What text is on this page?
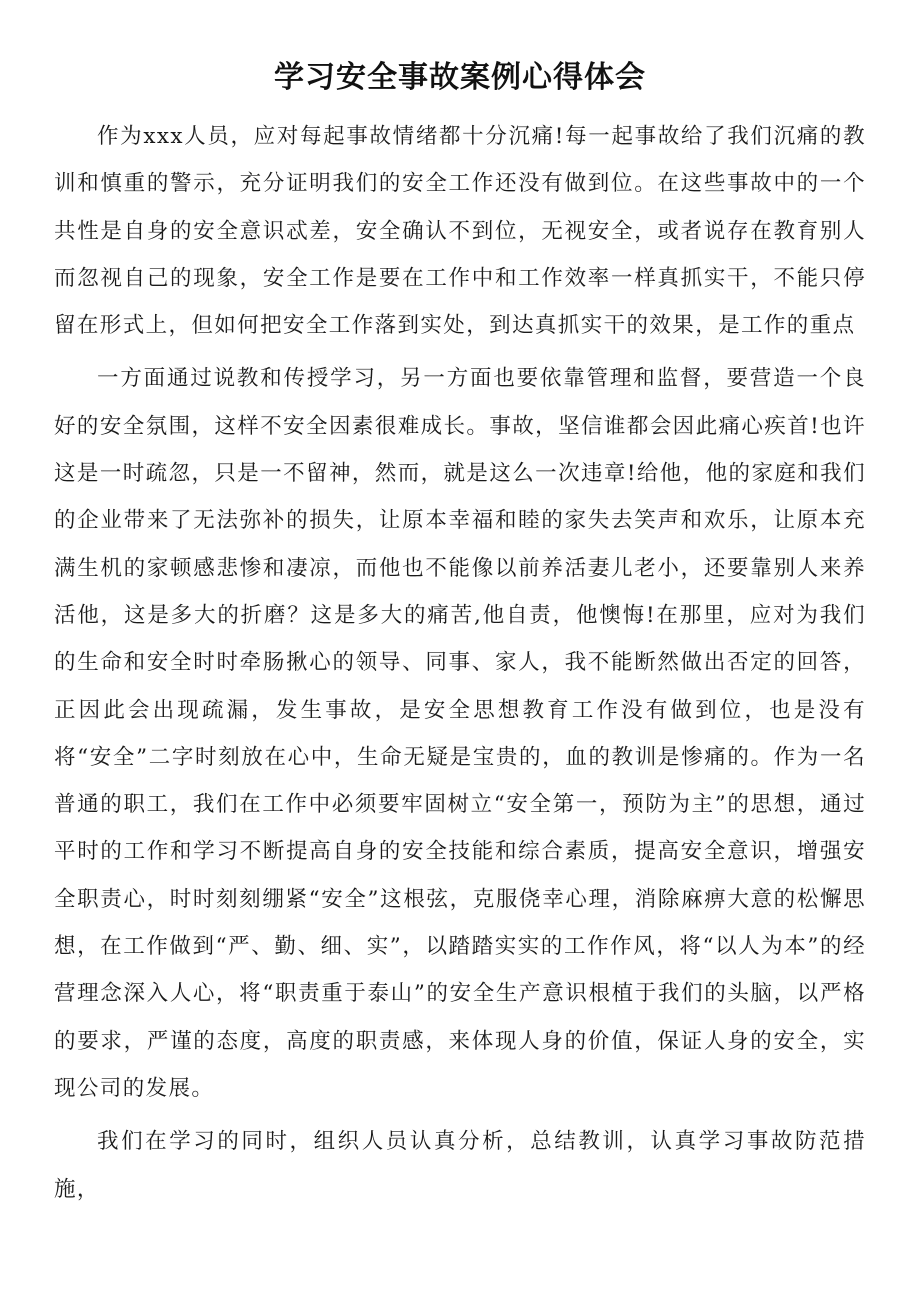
学习安全事故案例心得体会

作为xxx人员，应对每起事故情绪都十分沉痛!每一起事故给了我们沉痛的教训和慎重的警示，充分证明我们的安全工作还没有做到位。在这些事故中的一个共性是自身的安全意识忒差，安全确认不到位，无视安全，或者说存在教育别人而忽视自己的现象，安全工作是要在工作中和工作效率一样真抓实干，不能只停留在形式上，但如何把安全工作落到实处，到达真抓实干的效果，是工作的重点

一方面通过说教和传授学习，另一方面也要依靠管理和监督，要营造一个良好的安全氛围，这样不安全因素很难成长。事故，坚信谁都会因此痛心疾首!也许这是一时疏忽，只是一不留神，然而，就是这么一次违章!给他，他的家庭和我们的企业带来了无法弥补的损失，让原本幸福和睦的家失去笑声和欢乐，让原本充满生机的家顿感悲惨和凄凉，而他也不能像以前养活妻儿老小，还要靠别人来养活他，这是多大的折磨？这是多大的痛苦,他自责，他懊悔!在那里，应对为我们的生命和安全时时牵肠揪心的领导、同事、家人，我不能断然做出否定的回答，正因此会出现疏漏，发生事故，是安全思想教育工作没有做到位，也是没有将“安全”二字时刻放在心中，生命无疑是宝贵的，血的教训是惨痛的。作为一名普通的职工，我们在工作中必须要牢固树立“安全第一，预防为主”的思想，通过平时的工作和学习不断提高自身的安全技能和综合素质，提高安全意识，增强安全职责心，时时刻刻绷紧“安全”这根弦，克服侥幸心理，消除麻痹大意的松懈思想，在工作做到“严、勤、细、实”，以踏踏实实的工作作风，将“以人为本”的经营理念深入人心，将“职责重于泰山”的安全生产意识根植于我们的头脑，以严格的要求，严谨的态度，高度的职责感，来体现人身的价值，保证人身的安全，实现公司的发展。

我们在学习的同时，组织人员认真分析，总结教训，认真学习事故防范措施，
